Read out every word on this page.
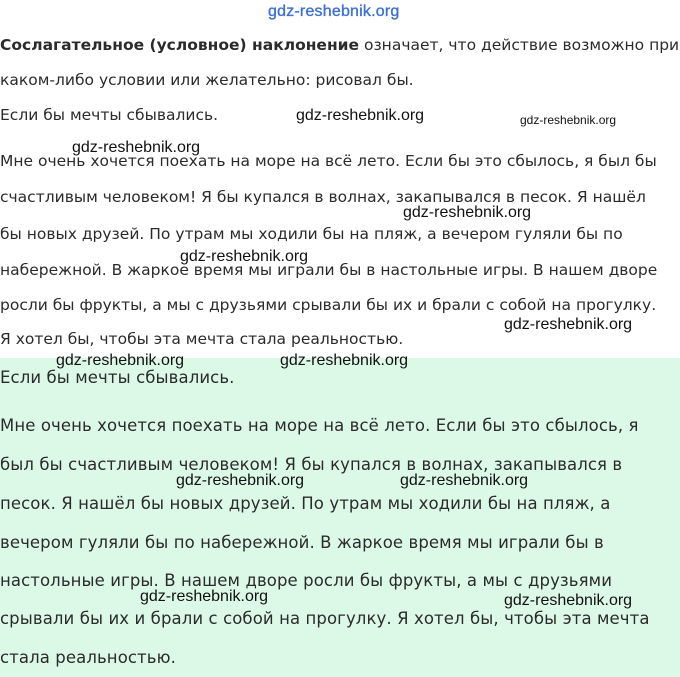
gdz-reshebnik.org

Сослагательное (условное) наклонение означает, что действие возможно при

каком-либо условии или желательно: рисовал бы.

Если бы мечты сбывались.

Мне очень хочется поехать на море на всё лето. Если бы это сбылось, я был бы

счастливым человеком! Я бы купался в волнах, закапывался в песок. Я нашёл

бы новых друзей. По утрам мы ходили бы на пляж, а вечером гуляли бы по

набережной. В жаркое время мы играли бы в настольные игры. В нашем дворе

росли бы фрукты, а мы с друзьями срывали бы их и брали с собой на прогулку.

Я хотел бы, чтобы эта мечта стала реальностью.

Если бы мечты сбывались.

Мне очень хочется поехать на море на всё лето. Если бы это сбылось, я

был бы счастливым человеком! Я бы купался в волнах, закапывался в

песок. Я нашёл бы новых друзей. По утрам мы ходили бы на пляж, а

вечером гуляли бы по набережной. В жаркое время мы играли бы в

настольные игры. В нашем дворе росли бы фрукты, а мы с друзьями

срывали бы их и брали с собой на прогулку. Я хотел бы, чтобы эта мечта

стала реальностью.

gdz-reshebnik.org	gdz-reshebnik.org
gdz-reshebnik.org
gdz-reshebnik.org
gdz-reshebnik.org
gdz-reshebnik.org
gdz-reshebnik.org	gdz-reshebnik.org
gdz-reshebnik.org	gdz-reshebnik.org
gdz-reshebnik.org	gdz-reshebnik.org
